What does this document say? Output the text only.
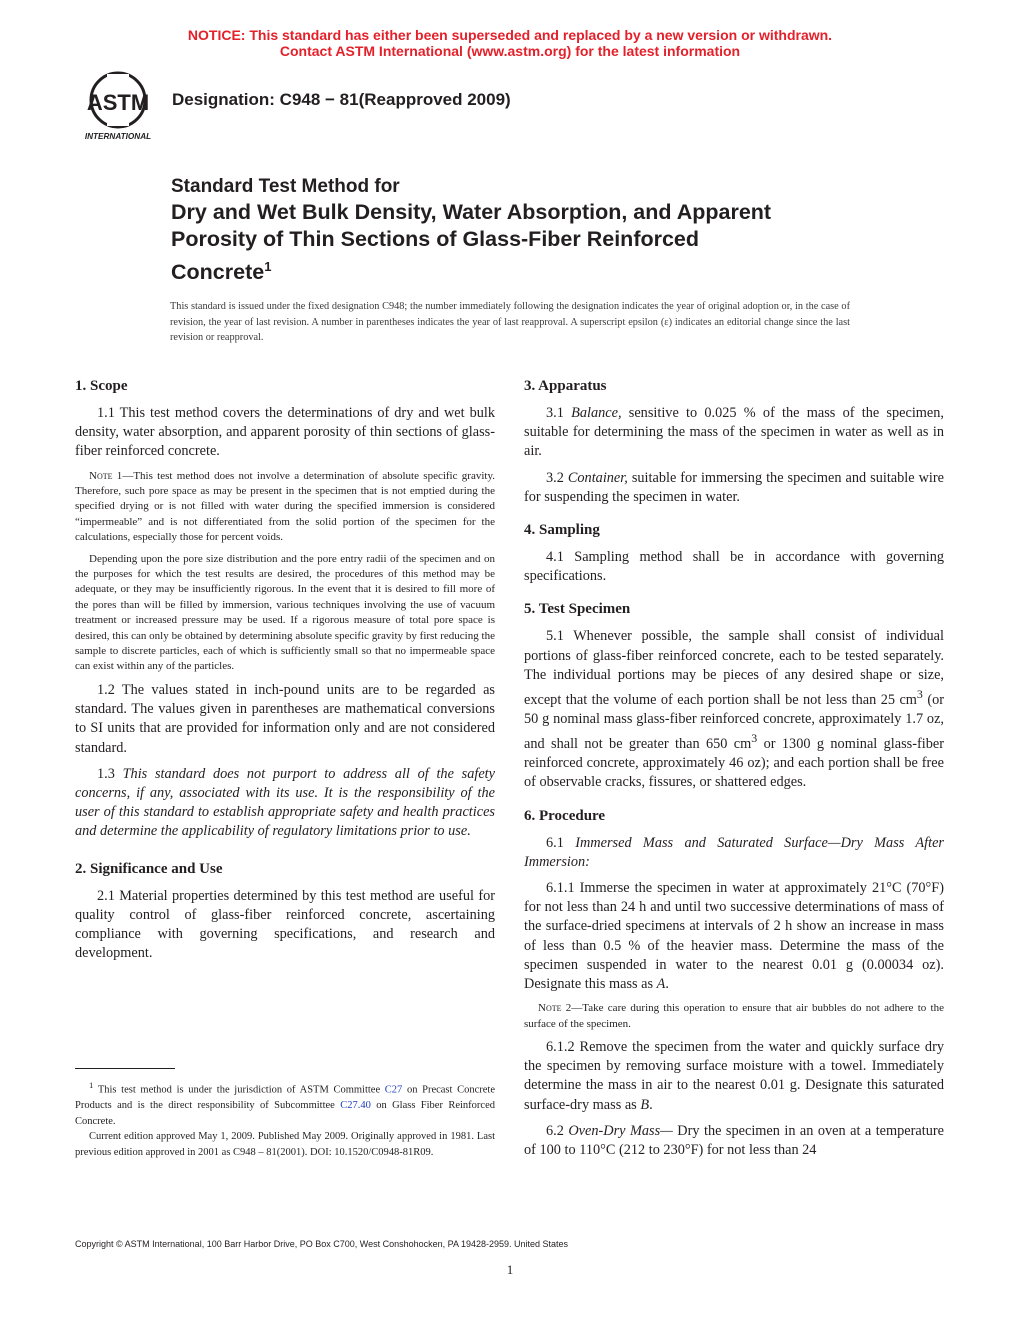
NOTICE: This standard has either been superseded and replaced by a new version or withdrawn.
Contact ASTM International (www.astm.org) for the latest information
ASTM
INTERNATIONAL
Designation: C948 − 81(Reapproved 2009)
Standard Test Method for
Dry and Wet Bulk Density, Water Absorption, and Apparent
Porosity of Thin Sections of Glass-Fiber Reinforced
Concrete$^1$
This standard is issued under the fixed designation C948; the number immediately following the designation indicates the year of original adoption or, in the case of revision, the year of last revision. A number in parentheses indicates the year of last reapproval. A superscript epsilon (ε) indicates an editorial change since the last revision or reapproval.
1. Scope

1.1 This test method covers the determinations of dry and wet bulk density, water absorption, and apparent porosity of thin sections of glass-fiber reinforced concrete.

Note 1—This test method does not involve a determination of absolute specific gravity. Therefore, such pore space as may be present in the specimen that is not emptied during the specified drying or is not filled with water during the specified immersion is considered “impermeable” and is not differentiated from the solid portion of the specimen for the calculations, especially those for percent voids.

Depending upon the pore size distribution and the pore entry radii of the specimen and on the purposes for which the test results are desired, the procedures of this method may be adequate, or they may be insufficiently rigorous. In the event that it is desired to fill more of the pores than will be filled by immersion, various techniques involving the use of vacuum treatment or increased pressure may be used. If a rigorous measure of total pore space is desired, this can only be obtained by determining absolute specific gravity by first reducing the sample to discrete particles, each of which is sufficiently small so that no impermeable space can exist within any of the particles.

1.2 The values stated in inch-pound units are to be regarded as standard. The values given in parentheses are mathematical conversions to SI units that are provided for information only and are not considered standard.

1.3 This standard does not purport to address all of the safety concerns, if any, associated with its use. It is the responsibility of the user of this standard to establish appropriate safety and health practices and determine the applicability of regulatory limitations prior to use.

2. Significance and Use

2.1 Material properties determined by this test method are useful for quality control of glass-fiber reinforced concrete, ascertaining compliance with governing specifications, and research and development.

3. Apparatus

3.1 Balance, sensitive to 0.025 % of the mass of the specimen, suitable for determining the mass of the specimen in water as well as in air.

3.2 Container, suitable for immersing the specimen and suitable wire for suspending the specimen in water.

4. Sampling

4.1 Sampling method shall be in accordance with governing specifications.

5. Test Specimen

5.1 Whenever possible, the sample shall consist of individual portions of glass-fiber reinforced concrete, each to be tested separately. The individual portions may be pieces of any desired shape or size, except that the volume of each portion shall be not less than 25 $cm^3$ (or 50 g nominal mass glass-fiber reinforced concrete, approximately 1.7 oz, and shall not be greater than 650 $cm^3$ or 1300 g nominal glass-fiber reinforced concrete, approximately 46 oz); and each portion shall be free of observable cracks, fissures, or shattered edges.

6. Procedure

6.1 Immersed Mass and Saturated Surface—Dry Mass After Immersion:

6.1.1 Immerse the specimen in water at approximately 21°C (70°F) for not less than 24 h and until two successive determinations of mass of the surface-dried specimens at intervals of 2 h show an increase in mass of less than 0.5 % of the heavier mass. Determine the mass of the specimen suspended in water to the nearest 0.01 g (0.00034 oz). Designate this mass as A.

Note 2—Take care during this operation to ensure that air bubbles do not adhere to the surface of the specimen.

6.1.2 Remove the specimen from the water and quickly surface dry the specimen by removing surface moisture with a towel. Immediately determine the mass in air to the nearest 0.01 g. Designate this saturated surface-dry mass as B.

6.2 Oven-Dry Mass— Dry the specimen in an oven at a temperature of 100 to 110°C (212 to 230°F) for not less than 24

$^1$ This test method is under the jurisdiction of ASTM Committee C27 on Precast Concrete Products and is the direct responsibility of Subcommittee C27.40 on Glass Fiber Reinforced Concrete.

Current edition approved May 1, 2009. Published May 2009. Originally approved in 1981. Last previous edition approved in 2001 as C948 – 81(2001). DOI: 10.1520/C0948-81R09.

Copyright © ASTM International, 100 Barr Harbor Drive, PO Box C700, West Conshohocken, PA 19428-2959. United States
1
